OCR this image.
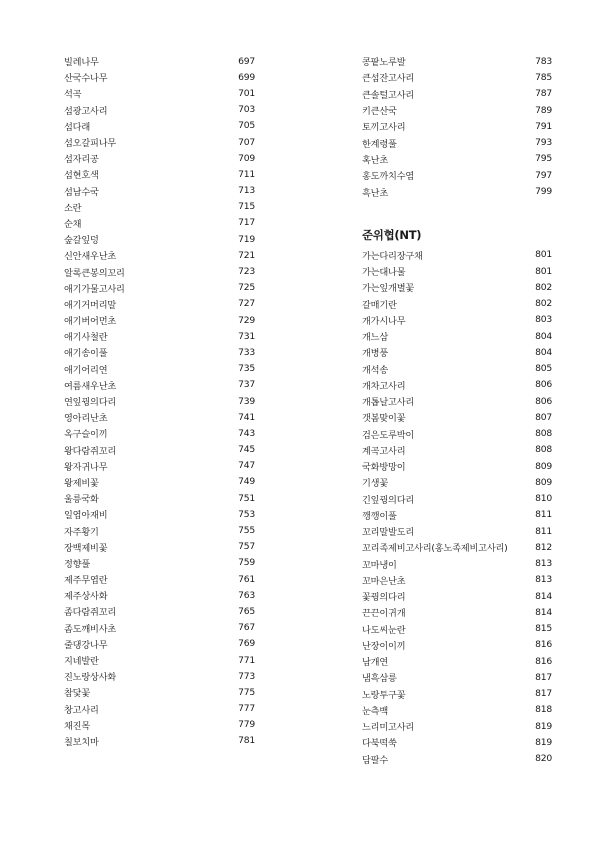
빌레나무	697
산국수나무	699
석곡	701
섬광고사리	703
섬다래	705
섬오갈피나무	707
섬자리공	709
섬현호색	711
섬남수국	713
소란	715
순채	717
숲갈잎덩	719
신안새우난초	721
알록큰봉의꼬리	723
애기가물고사리	725
애기거머리말	727
애기버어먼초	729
애기사철란	731
애기송이풀	733
애기어리연	735
여름새우난초	737
연잎꿩의다리	739
영아리난초	741
옥구슬이끼	743
왕다람쥐꼬리	745
왕자귀나무	747
왕제비꽃	749
울릉국화	751
일엽아재비	753
자주황기	755
장백제비꽃	757
정향풀	759
제주무엽란	761
제주상사화	763
좀다람쥐꼬리	765
좀도깨비사초	767
줄댕강나무	769
지네발란	771
진노랑상사화	773
참닻꽃	775
창고사리	777
채진목	779
칠보치마	781
콩팥노루발	783
큰섬잔고사리	785
큰솔털고사리	787
키큰산국	789
토끼고사리	791
한계령풀	793
혹난초	795
홍도까치수염	797
흑난초	799
준위협(NT)
가는다리장구채	801
가는대나물	801
가는잎개별꽃	802
갈매기란	802
개가시나무	803
개느삼	804
개병풍	804
개석송	805
개차고사리	806
개톱날고사리	806
갯봄맞이꽃	807
검은도루박이	808
계곡고사리	808
국화방망이	809
기생꽃	809
긴잎꿩의다리	810
깽깽이풀	811
꼬리말발도리	811
꼬리족제비고사리(홍노족제비고사리)	812
꼬마냉이	813
꼬마은난초	813
꽃꿩의다리	814
끈끈이귀개	814
나도씨눈란	815
난장이이끼	816
남개연	816
냄흑삼릉	817
노랑투구꽃	817
눈측백	818
느리미고사리	819
다북떡쑥	819
담팔수	820
